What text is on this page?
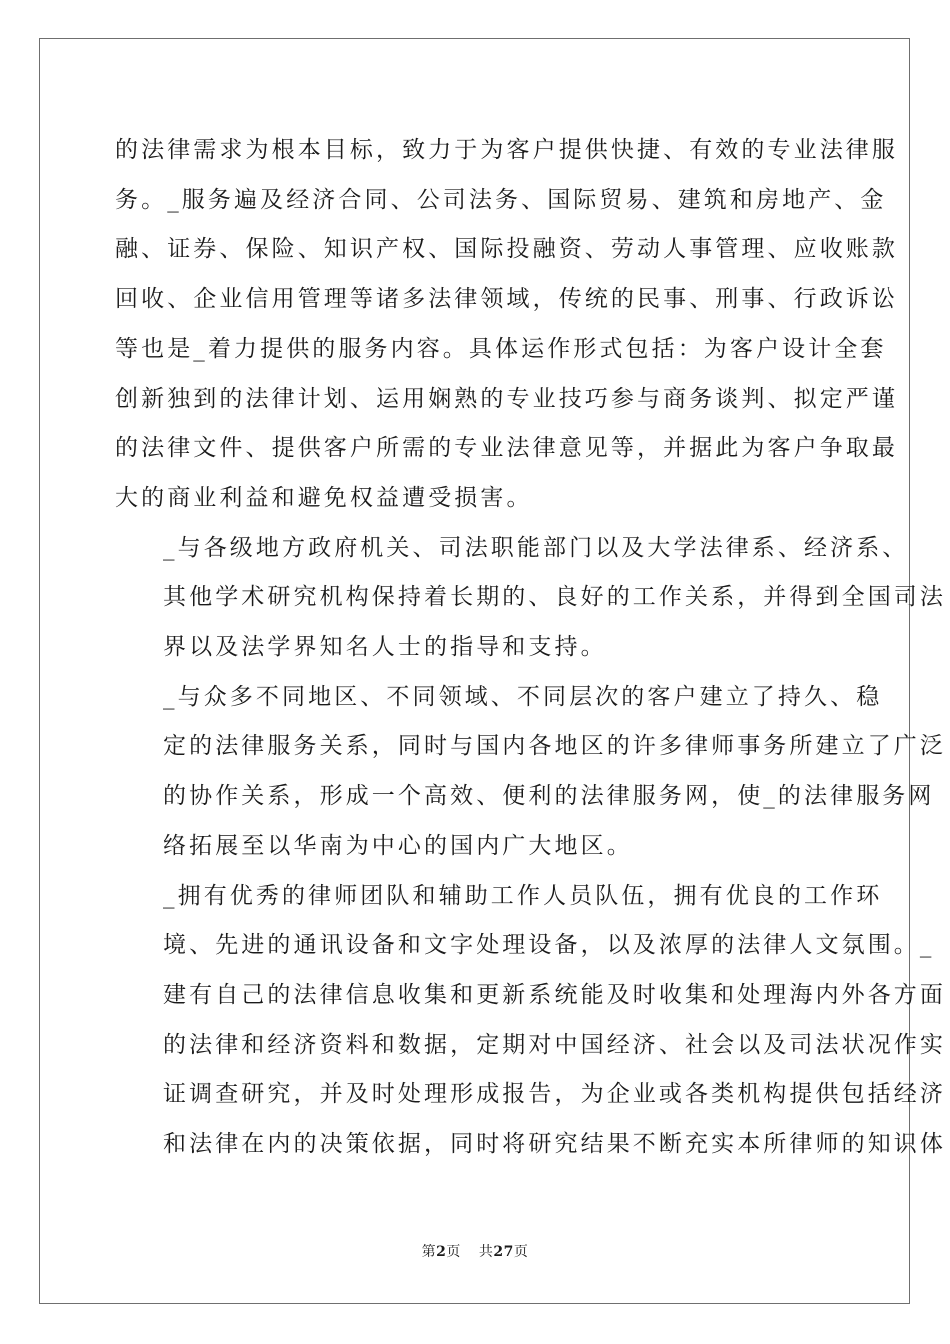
的法律需求为根本目标，致力于为客户提供快捷、有效的专业法律服
务。_服务遍及经济合同、公司法务、国际贸易、建筑和房地产、金
融、证券、保险、知识产权、国际投融资、劳动人事管理、应收账款
回收、企业信用管理等诸多法律领域，传统的民事、刑事、行政诉讼
等也是_着力提供的服务内容。具体运作形式包括：为客户设计全套
创新独到的法律计划、运用娴熟的专业技巧参与商务谈判、拟定严谨
的法律文件、提供客户所需的专业法律意见等，并据此为客户争取最
大的商业利益和避免权益遭受损害。

_与各级地方政府机关、司法职能部门以及大学法律系、经济系、
其他学术研究机构保持着长期的、良好的工作关系，并得到全国司法
界以及法学界知名人士的指导和支持。

_与众多不同地区、不同领域、不同层次的客户建立了持久、稳
定的法律服务关系，同时与国内各地区的许多律师事务所建立了广泛
的协作关系，形成一个高效、便利的法律服务网，使_的法律服务网
络拓展至以华南为中心的国内广大地区。

_拥有优秀的律师团队和辅助工作人员队伍，拥有优良的工作环
境、先进的通讯设备和文字处理设备，以及浓厚的法律人文氛围。_
建有自己的法律信息收集和更新系统能及时收集和处理海内外各方面
的法律和经济资料和数据，定期对中国经济、社会以及司法状况作实
证调查研究，并及时处理形成报告，为企业或各类机构提供包括经济
和法律在内的决策依据，同时将研究结果不断充实本所律师的知识体

第2页 共27页
